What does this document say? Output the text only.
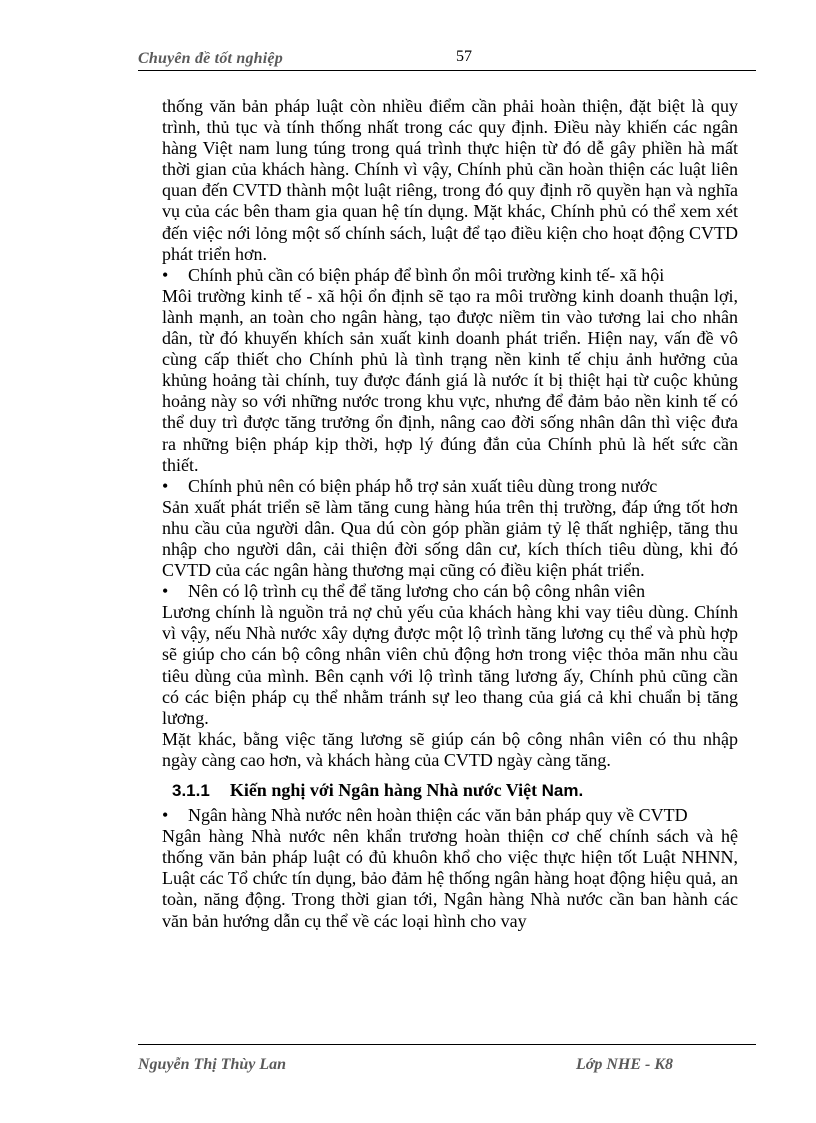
Chuyên đề tốt nghiệp	57

thống văn bản pháp luật còn nhiều điểm cần phải hoàn thiện, đặt biệt là quy trình, thủ tục và tính thống nhất trong các quy định. Điều này khiến các ngân hàng Việt nam lung túng trong quá trình thực hiện từ đó dễ gây phiền hà mất thời gian của khách hàng. Chính vì vậy, Chính phủ cần hoàn thiện các luật liên quan đến CVTD thành một luật riêng, trong đó quy định rõ quyền hạn và nghĩa vụ của các bên tham gia quan hệ tín dụng. Mặt khác, Chính phủ có thể xem xét đến việc nới lỏng một số chính sách, luật để tạo điều kiện cho hoạt động CVTD phát triển hơn.

• Chính phủ cần có biện pháp để bình ổn môi trường kinh tế- xã hội

Môi trường kinh tế - xã hội ổn định sẽ tạo ra môi trường kinh doanh thuận lợi, lành mạnh, an toàn cho ngân hàng, tạo được niềm tin vào tương lai cho nhân dân, từ đó khuyến khích sản xuất kinh doanh phát triển. Hiện nay, vấn đề vô cùng cấp thiết cho Chính phủ là tình trạng nền kinh tế chịu ảnh hưởng của khủng hoảng tài chính, tuy được đánh giá là nước ít bị thiệt hại từ cuộc khủng hoảng này so với những nước trong khu vực, nhưng để đảm bảo nền kinh tế có thể duy trì được tăng trưởng ổn định, nâng cao đời sống nhân dân thì việc đưa ra những biện pháp kịp thời, hợp lý đúng đắn của Chính phủ là hết sức cần thiết.

• Chính phủ nên có biện pháp hỗ trợ sản xuất tiêu dùng trong nước

Sản xuất phát triển sẽ làm tăng cung hàng húa trên thị trường, đáp ứng tốt hơn nhu cầu của người dân. Qua dú còn góp phần giảm tỷ lệ thất nghiệp, tăng thu nhập cho người dân, cải thiện đời sống dân cư, kích thích tiêu dùng, khi đó CVTD của các ngân hàng thương mại cũng có điều kiện phát triển.

• Nên có lộ trình cụ thể để tăng lương cho cán bộ công nhân viên

Lương chính là nguồn trả nợ chủ yếu của khách hàng khi vay tiêu dùng. Chính vì vậy, nếu Nhà nước xây dựng được một lộ trình tăng lương cụ thể và phù hợp sẽ giúp cho cán bộ công nhân viên chủ động hơn trong việc thỏa mãn nhu cầu tiêu dùng của mình. Bên cạnh với lộ trình tăng lương ấy, Chính phủ cũng cần có các biện pháp cụ thể nhằm tránh sự leo thang của giá cả khi chuẩn bị tăng lương.

Mặt khác, bằng việc tăng lương sẽ giúp cán bộ công nhân viên có thu nhập ngày càng cao hơn, và khách hàng của CVTD ngày càng tăng.

3.1.1 Kiến nghị với Ngân hàng Nhà nước Việt Nam.

• Ngân hàng Nhà nước nên hoàn thiện các văn bản pháp quy về CVTD

Ngân hàng Nhà nước nên khẩn trương hoàn thiện cơ chế chính sách và hệ thống văn bản pháp luật có đủ khuôn khổ cho việc thực hiện tốt Luật NHNN, Luật các Tổ chức tín dụng, bảo đảm hệ thống ngân hàng hoạt động hiệu quả, an toàn, năng động. Trong thời gian tới, Ngân hàng Nhà nước cần ban hành các văn bản hướng dẫn cụ thể về các loại hình cho vay

Nguyễn Thị Thùy Lan	Lớp NHE - K8
